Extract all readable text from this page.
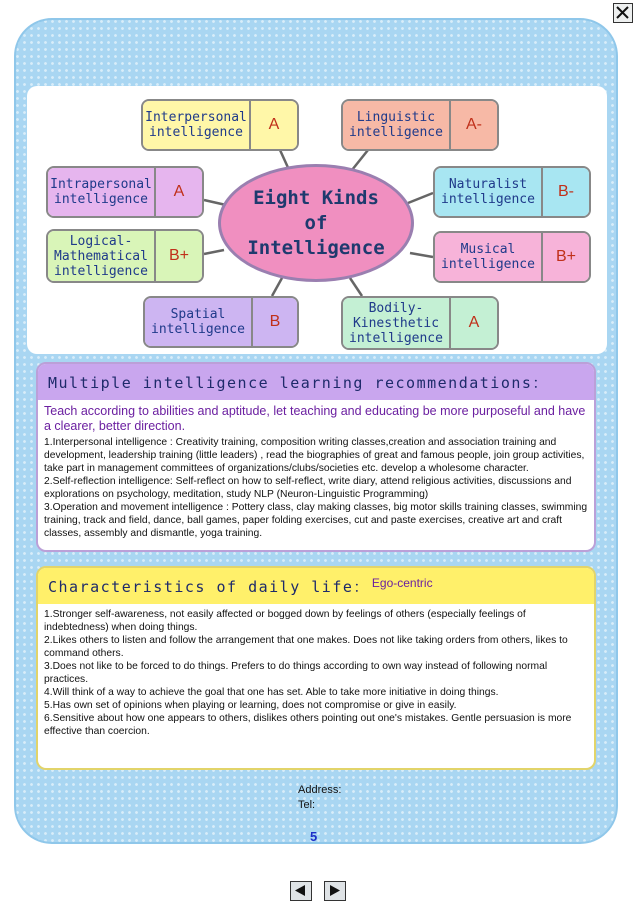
Interpersonal intelligence	A	Linguistic intelligence	A-
Intrapersonal intelligence	A	Naturalist intelligence	B-
Logical-Mathematical intelligence
B+	Musical intelligence	B+
Spatial intelligence	B
Bodily-Kinesthetic intelligence
A
Eight Kinds
of
Intelligence
Multiple intelligence learning recommendations：
Teach according to abilities and aptitude, let teaching and educating be more purposeful and have a clearer, better direction.
1.Interpersonal intelligence : Creativity training, composition writing classes,creation and association training and development, leadership training (little leaders) , read the biographies of great and famous people, join group activities, take part in management committees of organizations/clubs/societies etc. develop a wholesome character.
2.Self-reflection intelligence: Self-reflect on how to self-reflect, write diary, attend religious activities, discussions and explorations on psychology, meditation, study NLP (Neuron-Linguistic Programming)
3.Operation and movement intelligence : Pottery class, clay making classes, big motor skills training classes, swimming training, track and field, dance, ball games, paper folding exercises, cut and paste exercises, creative art and craft classes, assembly and dismantle, yoga training.
Characteristics of daily life： Ego-centric
1.Stronger self-awareness, not easily affected or bogged down by feelings of others (especially feelings of indebtedness) when doing things.
2.Likes others to listen and follow the arrangement that one makes. Does not like taking orders from others, likes to command others.
3.Does not like to be forced to do things. Prefers to do things according to own way instead of following normal practices.
4.Will think of a way to achieve the goal that one has set. Able to take more initiative in doing things.
5.Has own set of opinions when playing or learning, does not compromise or give in easily.
6.Sensitive about how one appears to others, dislikes others pointing out one's mistakes. Gentle persuasion is more effective than coercion.
Address:
Tel:
5
